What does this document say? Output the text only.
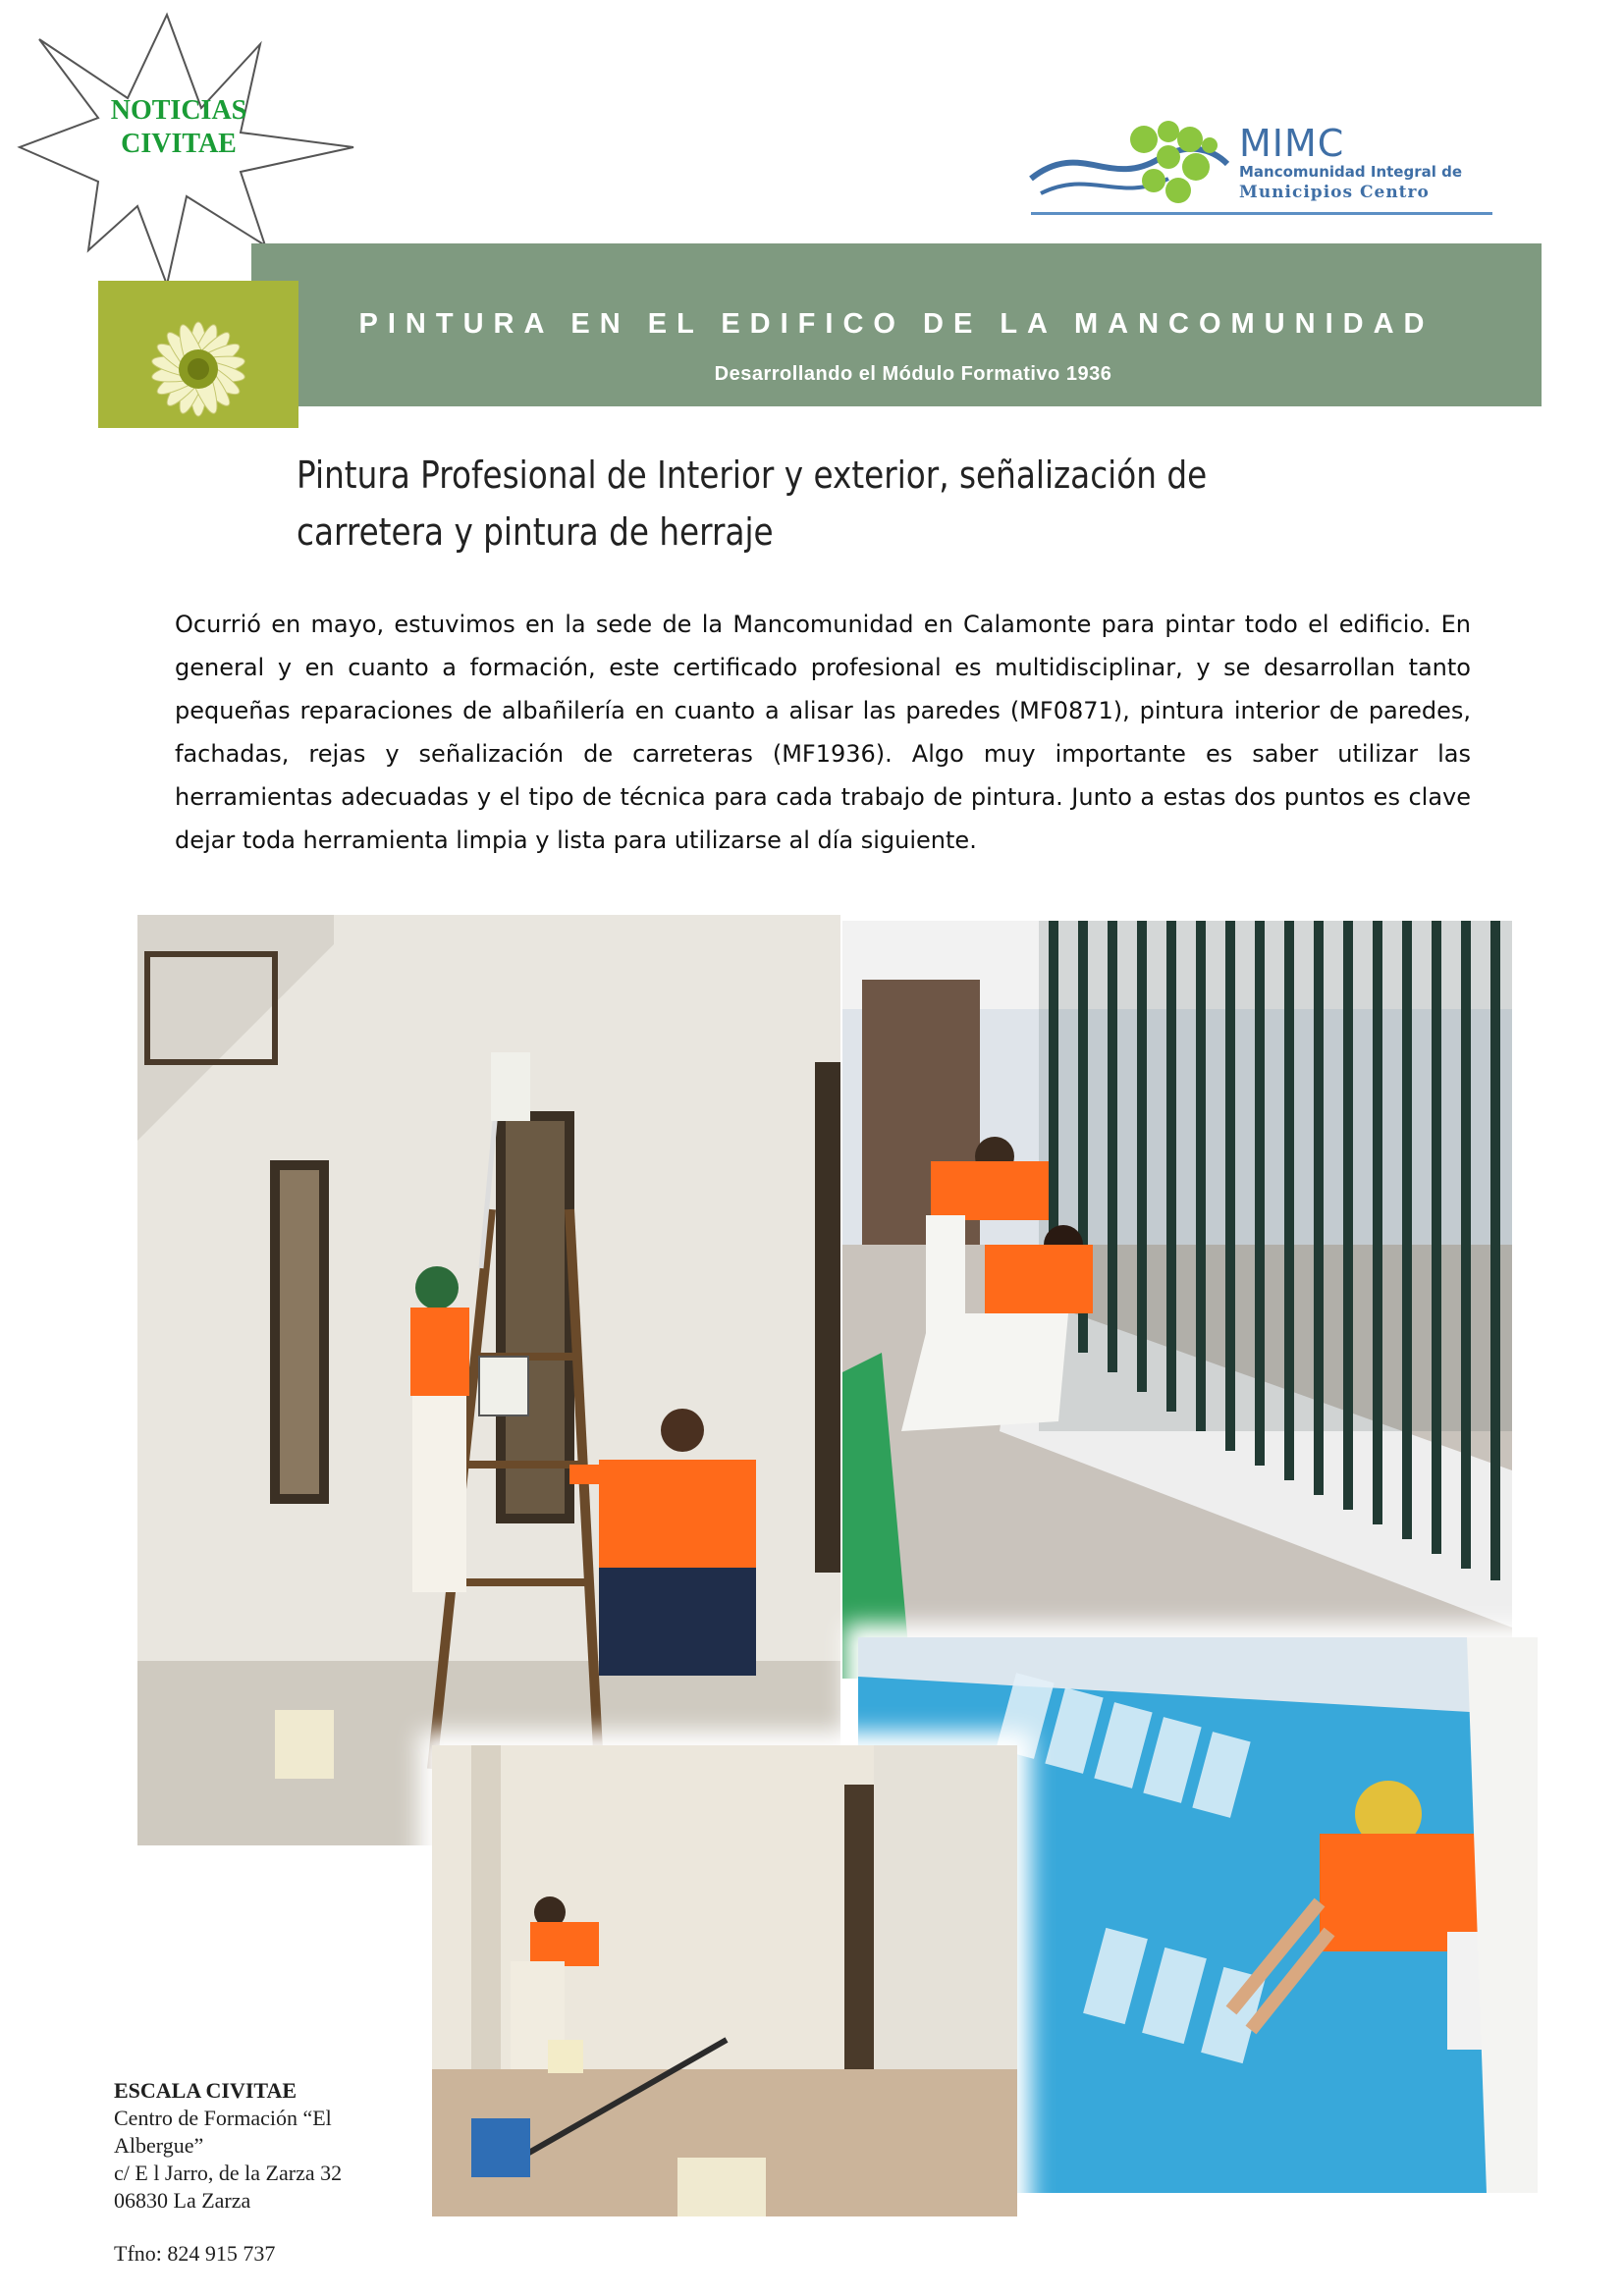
NOTICIAS CIVITAE	MIMC
Mancomunidad Integral de
Municipios Centro
PINTURA EN EL EDIFICO DE LA MANCOMUNIDAD
Desarrollando el Módulo Formativo 1936
Pintura Profesional de Interior y exterior, señalización de carretera y pintura de herraje
Ocurrió en mayo, estuvimos en la sede de la Mancomunidad en Calamonte para pintar todo el edificio. En general y en cuanto a formación, este certificado profesional es multidisciplinar, y se desarrollan tanto pequeñas reparaciones de albañilería en cuanto a alisar las paredes (MF0871), pintura interior de paredes, fachadas, rejas y señalización de carreteras (MF1936). Algo muy importante es saber utilizar las herramientas adecuadas y el tipo de técnica para cada trabajo de pintura. Junto a estas dos puntos es clave dejar toda herramienta limpia y lista para utilizarse al día siguiente.
ESCALA CIVITAE
Centro de Formación “El Albergue”
c/ E l Jarro, de la Zarza 32
06830 La Zarza
Tfno: 824 915 737
